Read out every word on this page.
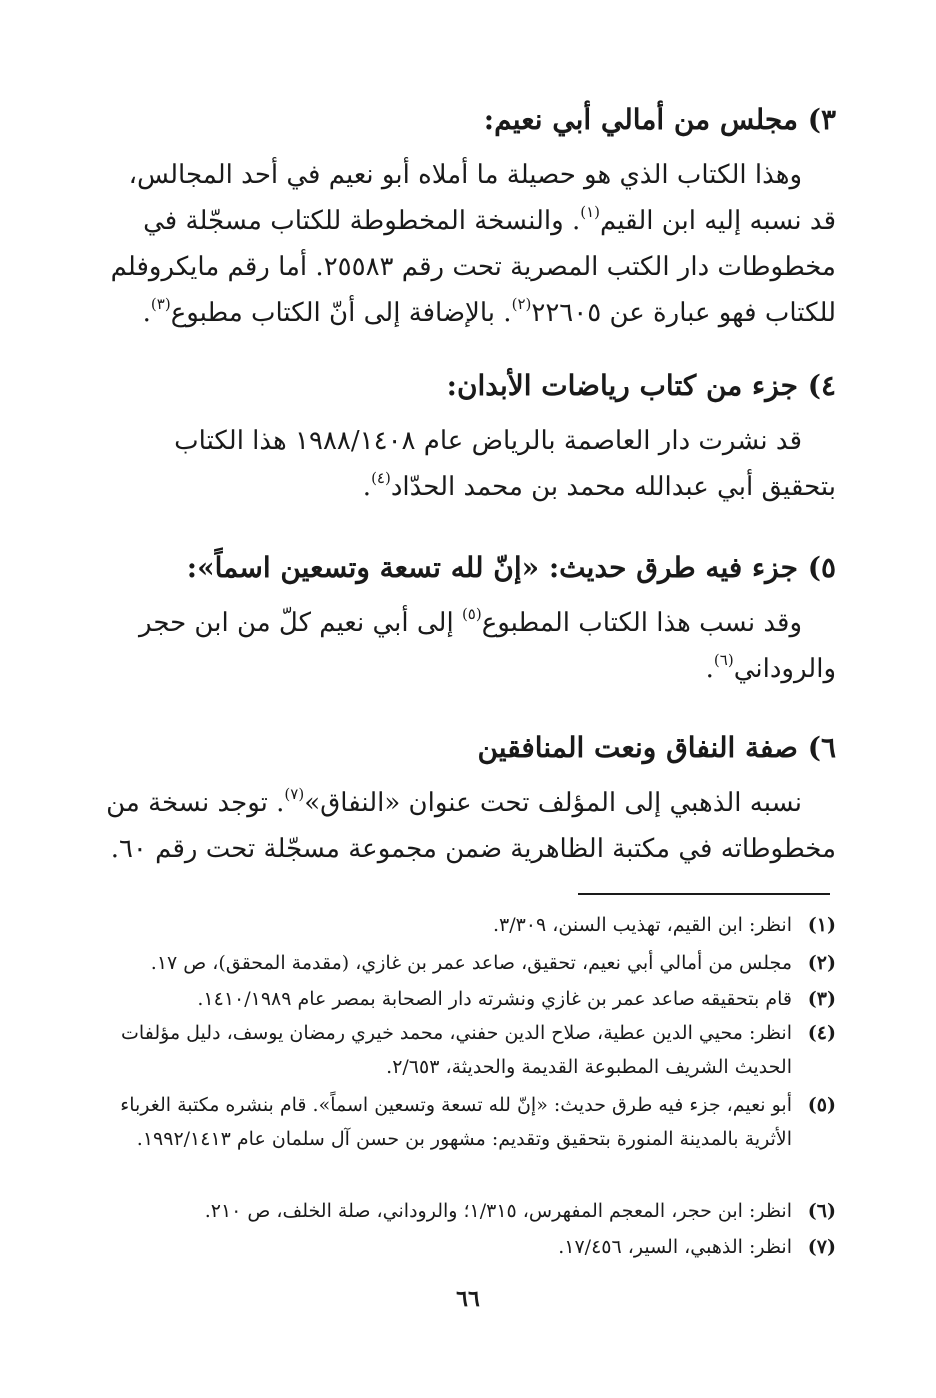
٣) مجلس من أمالي أبي نعيم:

وهذا الكتاب الذي هو حصيلة ما أملاه أبو نعيم في أحد المجالس، قد نسبه إليه ابن القيم$^{(١)}$. والنسخة المخطوطة للكتاب مسجّلة في مخطوطات دار الكتب المصرية تحت رقم ٢٥٥٨٣. أما رقم مايكروفلم للكتاب فهو عبارة عن ٢٢٦٠٥$^{(٢)}$. بالإضافة إلى أنّ الكتاب مطبوع$^{(٣)}$.

٤) جزء من كتاب رياضات الأبدان:

قد نشرت دار العاصمة بالرياض عام ١٩٨٨/١٤٠٨ هذا الكتاب بتحقيق أبي عبدالله محمد بن محمد الحدّاد$^{(٤)}$.

٥) جزء فيه طرق حديث: «إنّ لله تسعة وتسعين اسماً»:

وقد نسب هذا الكتاب المطبوع$^{(٥)}$ إلى أبي نعيم كلّ من ابن حجر والروداني$^{(٦)}$.

٦) صفة النفاق ونعت المنافقين

نسبه الذهبي إلى المؤلف تحت عنوان «النفاق»$^{(٧)}$. توجد نسخة من مخطوطاته في مكتبة الظاهرية ضمن مجموعة مسجّلة تحت رقم ٦٠.

(١)
انظر: ابن القيم، تهذيب السنن، ٣/٣٠٩.
(٢)
مجلس من أمالي أبي نعيم، تحقيق، صاعد عمر بن غازي، (مقدمة المحقق)، ص ١٧.
(٣)
قام بتحقيقه صاعد عمر بن غازي ونشرته دار الصحابة بمصر عام ١٤١٠/١٩٨٩.
(٤)
انظر: محيي الدين عطية، صلاح الدين حفني، محمد خيري رمضان يوسف، دليل مؤلفات الحديث الشريف المطبوعة القديمة والحديثة، ٢/٦٥٣.
(٥)
أبو نعيم، جزء فيه طرق حديث: «إنّ لله تسعة وتسعين اسماً». قام بنشره مكتبة الغرباء الأثرية بالمدينة المنورة بتحقيق وتقديم: مشهور بن حسن آل سلمان عام ١٩٩٢/١٤١٣.
(٦)
انظر: ابن حجر، المعجم المفهرس، ١/٣١٥؛ والروداني، صلة الخلف، ص ٢١٠.
(٧)
انظر: الذهبي، السير، ١٧/٤٥٦.
٦٦
